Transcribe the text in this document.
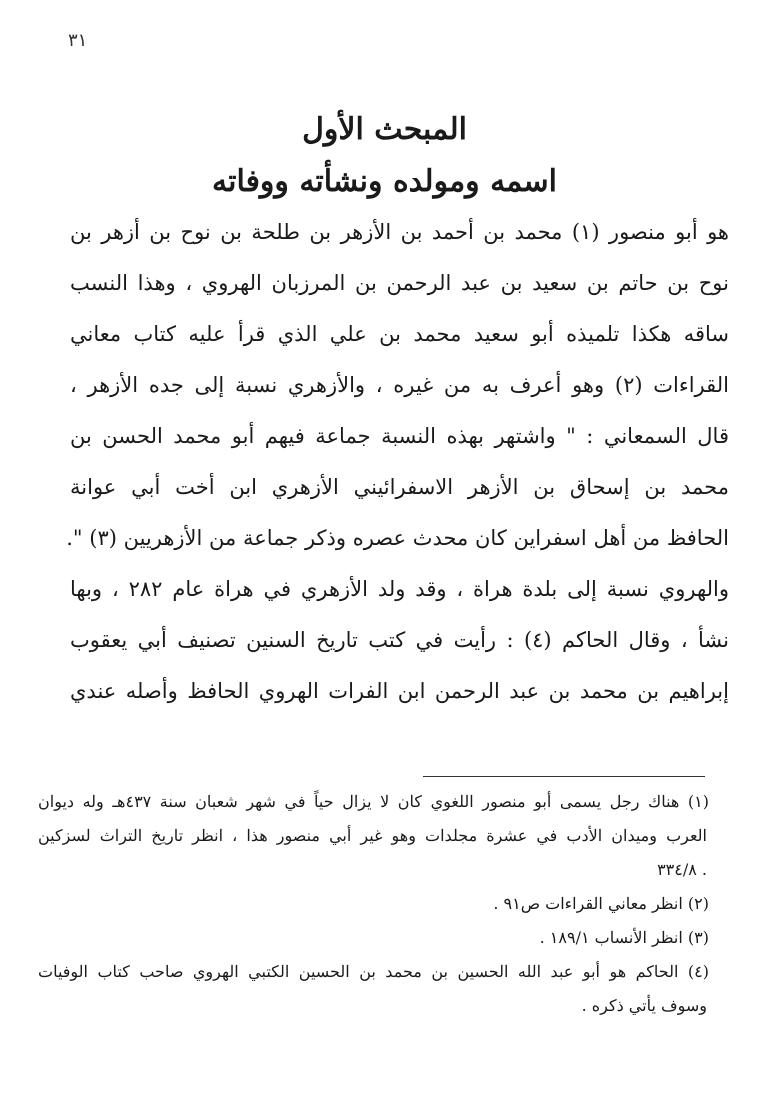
٣١
المبحث الأول
اسمه ومولده ونشأته ووفاته
هو أبو منصور (١) محمد بن أحمد بن الأزهر بن طلحة بن نوح بن أزهر بن
نوح بن حاتم بن سعيد بن عبد الرحمن بن المرزبان الهروي ، وهذا النسب
ساقه هكذا تلميذه أبو سعيد محمد بن علي الذي قرأ عليه كتاب معاني
القراءات (٢) وهو أعرف به من غيره ، والأزهري نسبة إلى جده الأزهر ،
قال السمعاني : " واشتهر بهذه النسبة جماعة فيهم أبو محمد الحسن بن
محمد بن إسحاق بن الأزهر الاسفرائيني الأزهري ابن أخت أبي عوانة
الحافظ من أهل اسفراين كان محدث عصره وذكر جماعة من الأزهريين (٣) ".
والهروي نسبة إلى بلدة هراة ، وقد ولد الأزهري في هراة عام ٢٨٢ ، وبها
نشأ ، وقال الحاكم (٤) : رأيت في كتب تاريخ السنين تصنيف أبي يعقوب
إبراهيم بن محمد بن عبد الرحمن ابن الفرات الهروي الحافظ وأصله عندي
(١) هناك رجل يسمى أبو منصور اللغوي كان لا يزال حياً في شهر شعبان سنة ٤٣٧هـ وله ديوان
العرب وميدان الأدب في عشرة مجلدات وهو غير أبي منصور هذا ، انظر تاريخ التراث لسزكين
. ٣٣٤/٨
(٢) انظر معاني القراءات ص٩١ .
(٣) انظر الأنساب ١٨٩/١ .
(٤) الحاكم هو أبو عبد الله الحسين بن محمد بن الحسين الكتبي الهروي صاحب كتاب الوفيات
وسوف يأتي ذكره .
